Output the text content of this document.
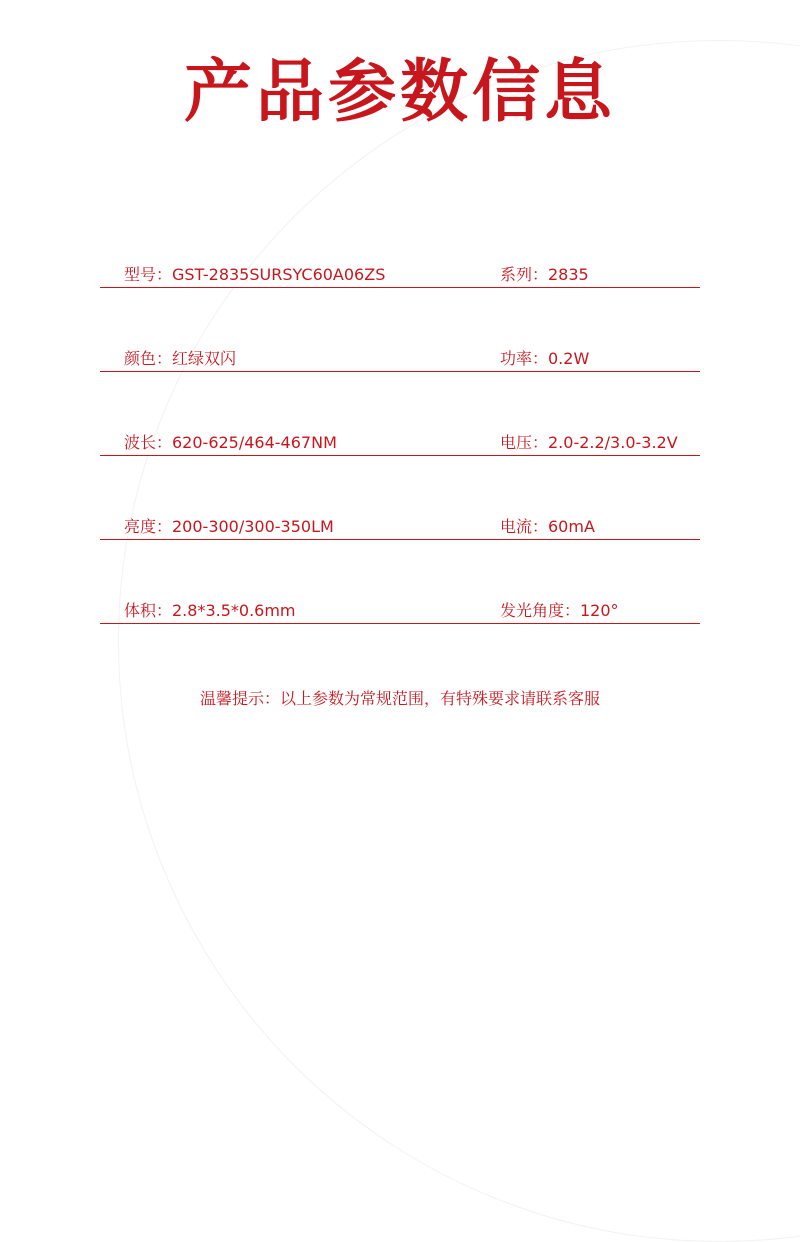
产品参数信息
型号：GST-2835SURSYC60A06ZS	系列：2835
颜色：红绿双闪	功率：0.2W
波长：620-625/464-467NM	电压：2.0-2.2/3.0-3.2V
亮度：200-300/300-350LM	电流：60mA
体积：2.8*3.5*0.6mm	发光角度：120°
温馨提示：以上参数为常规范围，有特殊要求请联系客服
